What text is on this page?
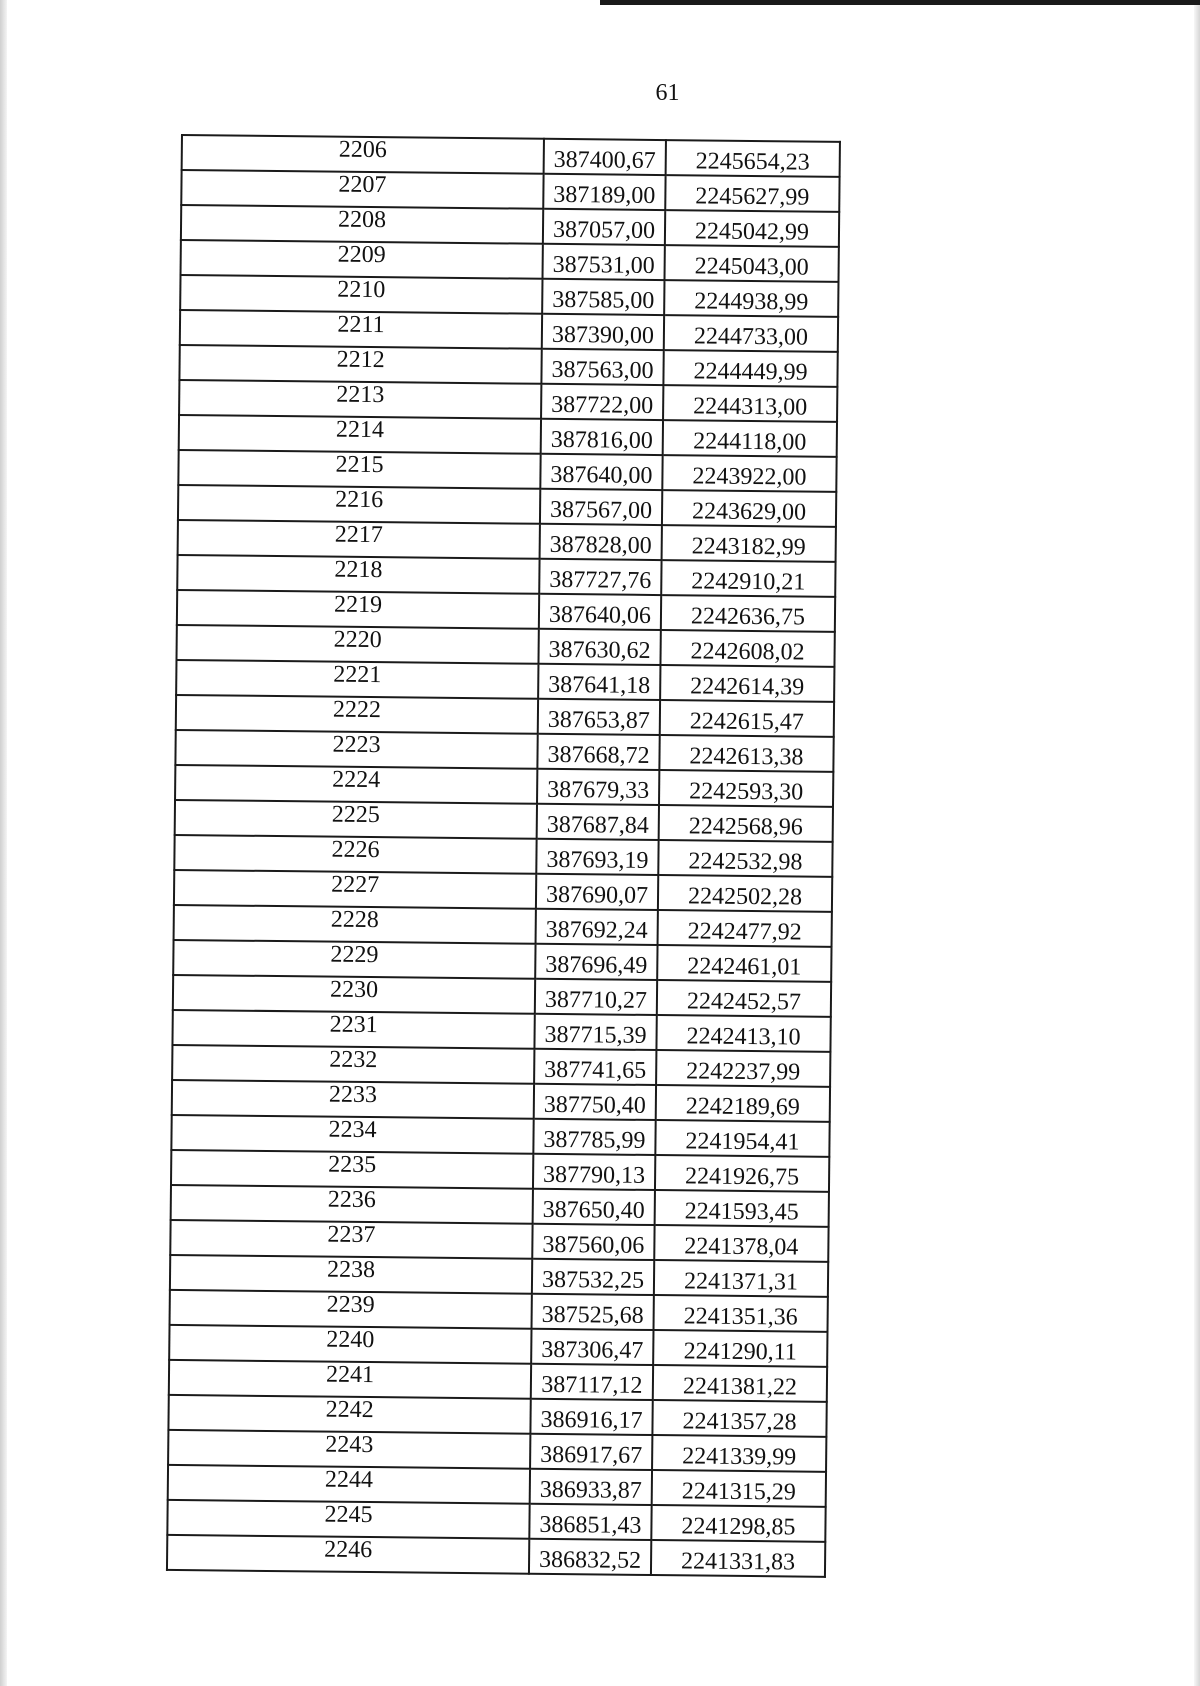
61
2206	387400,67	2245654,23
2207	387189,00	2245627,99
2208	387057,00	2245042,99
2209	387531,00	2245043,00
2210	387585,00	2244938,99
2211	387390,00	2244733,00
2212	387563,00	2244449,99
2213	387722,00	2244313,00
2214	387816,00	2244118,00
2215	387640,00	2243922,00
2216	387567,00	2243629,00
2217	387828,00	2243182,99
2218	387727,76	2242910,21
2219	387640,06	2242636,75
2220	387630,62	2242608,02
2221	387641,18	2242614,39
2222	387653,87	2242615,47
2223	387668,72	2242613,38
2224	387679,33	2242593,30
2225	387687,84	2242568,96
2226	387693,19	2242532,98
2227	387690,07	2242502,28
2228	387692,24	2242477,92
2229	387696,49	2242461,01
2230	387710,27	2242452,57
2231	387715,39	2242413,10
2232	387741,65	2242237,99
2233	387750,40	2242189,69
2234	387785,99	2241954,41
2235	387790,13	2241926,75
2236	387650,40	2241593,45
2237	387560,06	2241378,04
2238	387532,25	2241371,31
2239	387525,68	2241351,36
2240	387306,47	2241290,11
2241	387117,12	2241381,22
2242	386916,17	2241357,28
2243	386917,67	2241339,99
2244	386933,87	2241315,29
2245	386851,43	2241298,85
2246	386832,52	2241331,83
